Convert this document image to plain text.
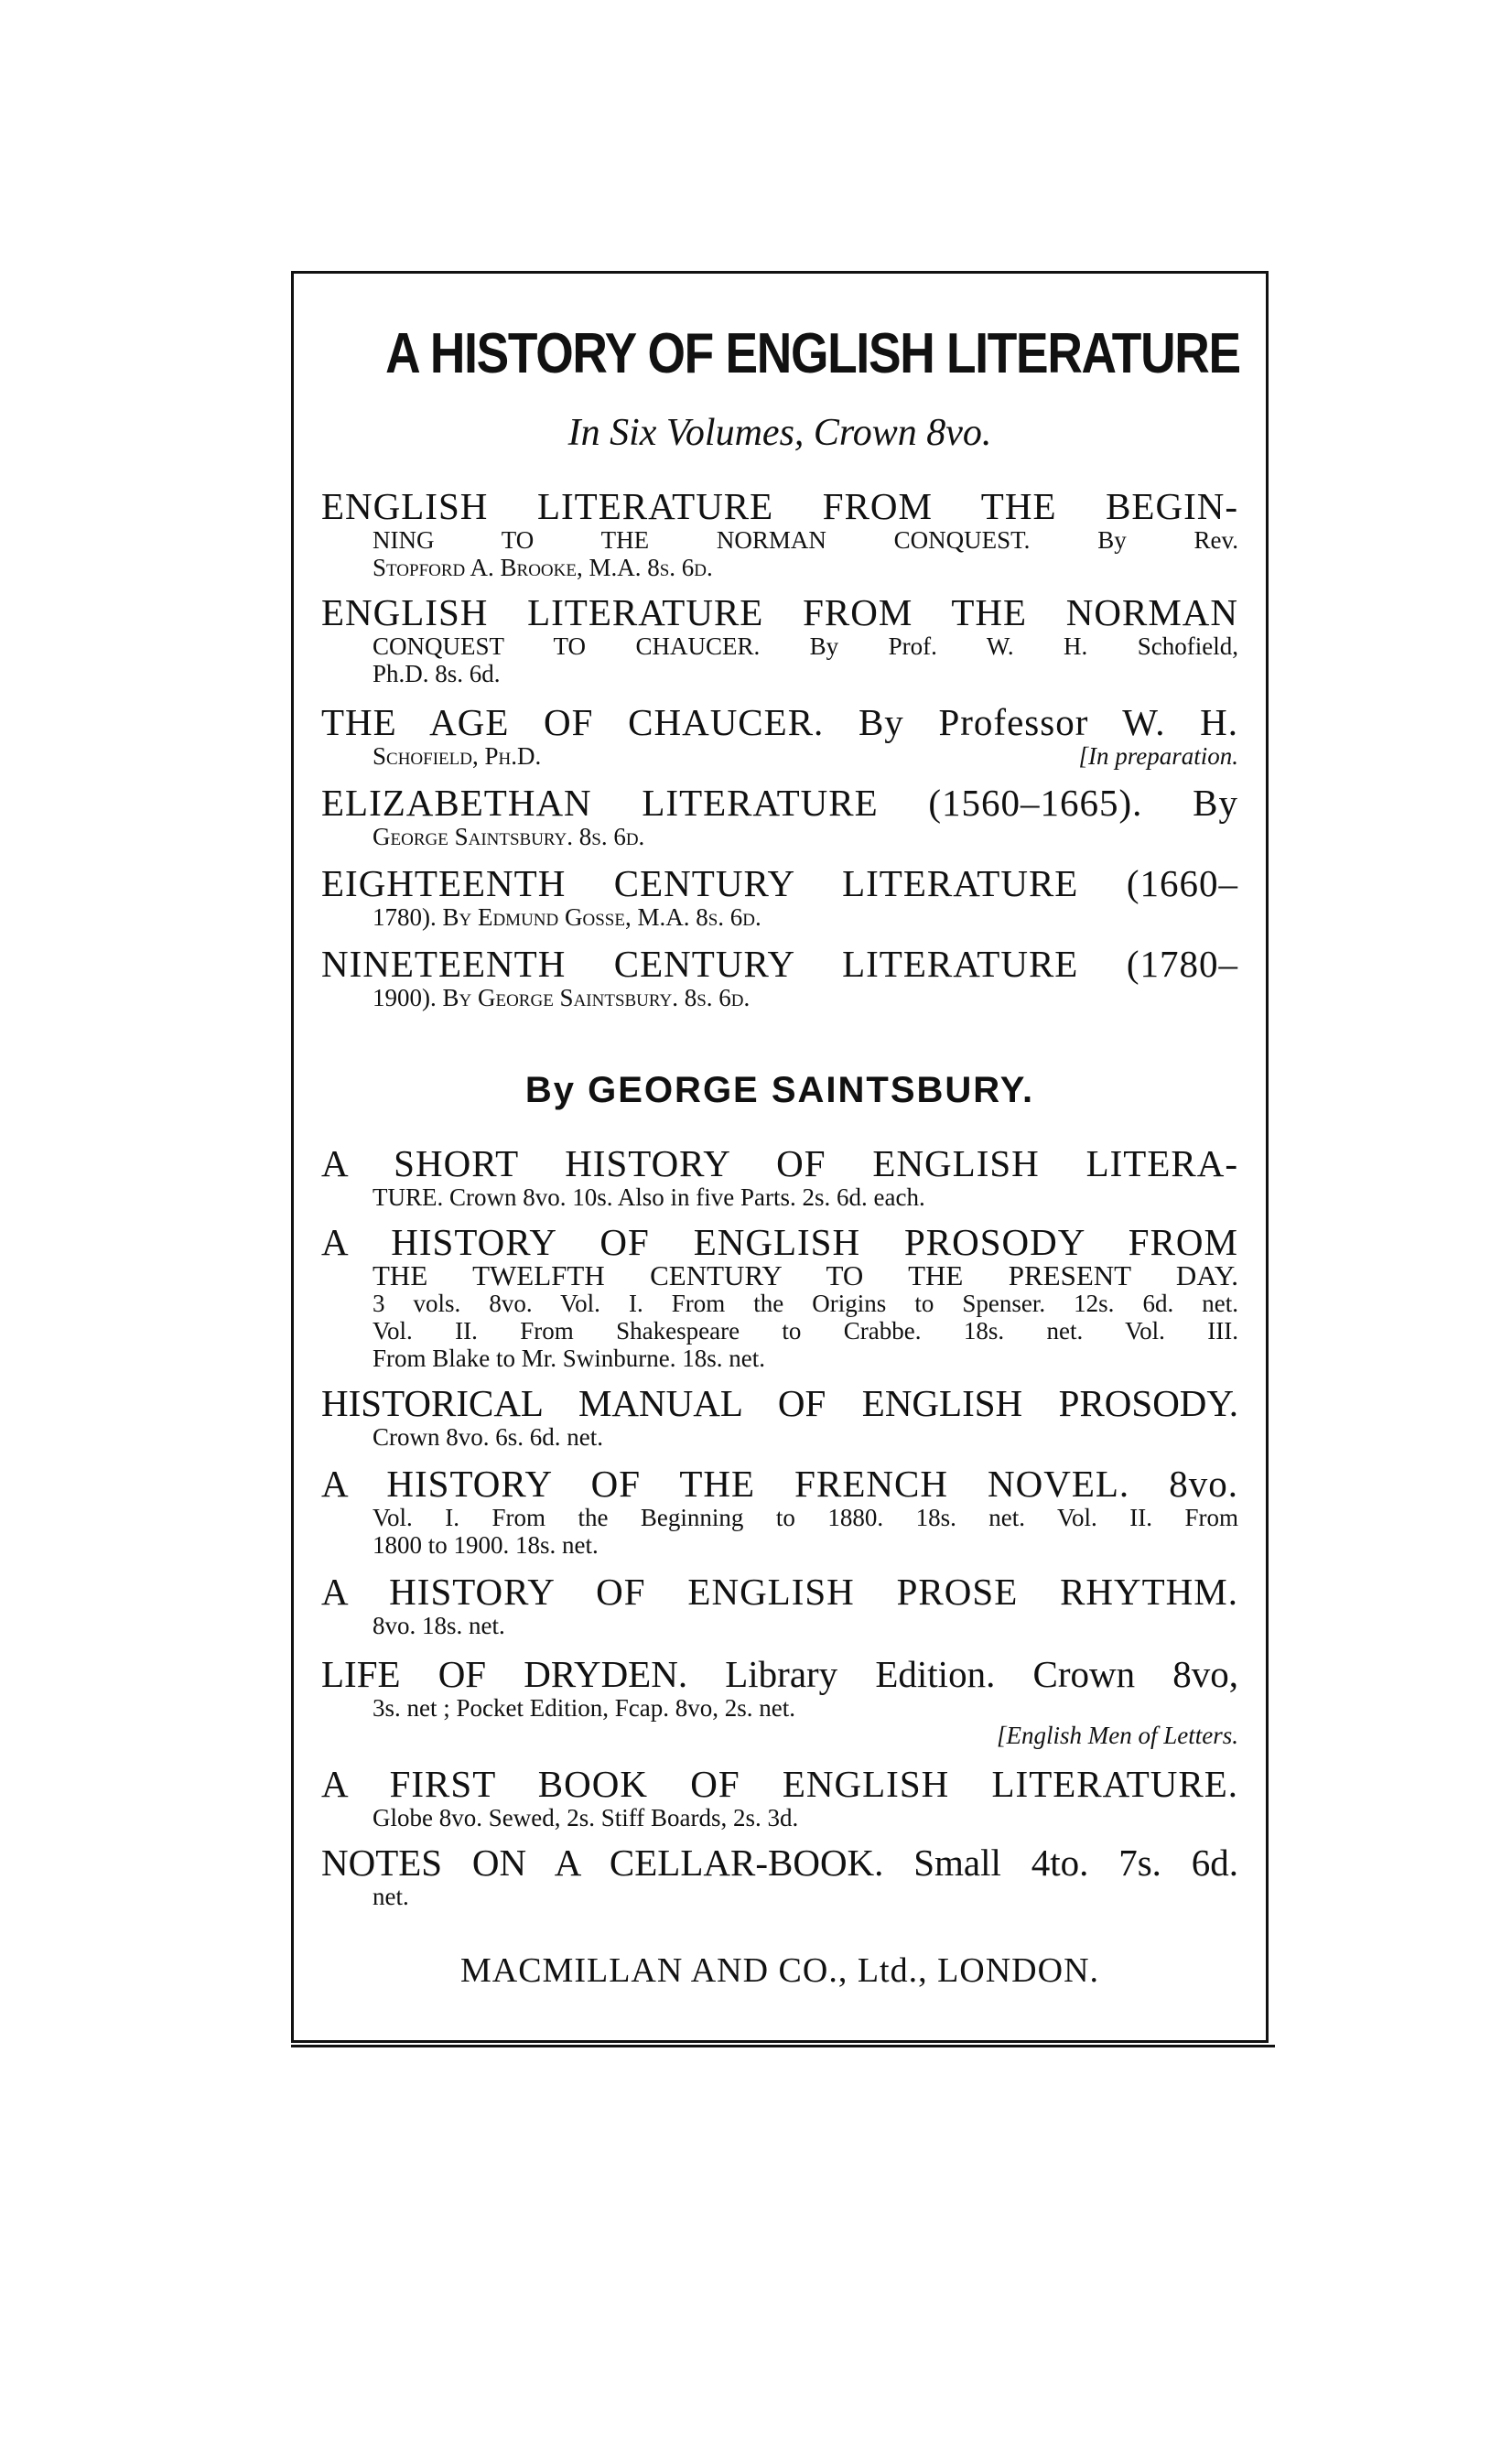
A HISTORY OF ENGLISH LITERATURE
In Six Volumes, Crown 8vo.
ENGLISH LITERATURE FROM THE BEGIN-
NING TO THE NORMAN CONQUEST. By Rev.
Stopford A. Brooke, M.A. 8s. 6d.
ENGLISH LITERATURE FROM THE NORMAN
CONQUEST TO CHAUCER. By Prof. W. H. Schofield,
Ph.D. 8s. 6d.
THE AGE OF CHAUCER. By Professor W. H.
Schofield, Ph.D.	[In preparation.
ELIZABETHAN LITERATURE (1560–1665). By
George Saintsbury. 8s. 6d.
EIGHTEENTH CENTURY LITERATURE (1660–
1780). By Edmund Gosse, M.A. 8s. 6d.
NINETEENTH CENTURY LITERATURE (1780–
1900). By George Saintsbury. 8s. 6d.
By GEORGE SAINTSBURY.
A SHORT HISTORY OF ENGLISH LITERA-
TURE. Crown 8vo. 10s. Also in five Parts. 2s. 6d. each.
A HISTORY OF ENGLISH PROSODY FROM
THE TWELFTH CENTURY TO THE PRESENT DAY.
3 vols. 8vo. Vol. I. From the Origins to Spenser. 12s. 6d. net.
Vol. II. From Shakespeare to Crabbe. 18s. net. Vol. III.
From Blake to Mr. Swinburne. 18s. net.
HISTORICAL MANUAL OF ENGLISH PROSODY.
Crown 8vo. 6s. 6d. net.
A HISTORY OF THE FRENCH NOVEL. 8vo.
Vol. I. From the Beginning to 1880. 18s. net. Vol. II. From
1800 to 1900. 18s. net.
A HISTORY OF ENGLISH PROSE RHYTHM.
8vo. 18s. net.
LIFE OF DRYDEN. Library Edition. Crown 8vo,
3s. net ; Pocket Edition, Fcap. 8vo, 2s. net.
[English Men of Letters.
A FIRST BOOK OF ENGLISH LITERATURE.
Globe 8vo. Sewed, 2s. Stiff Boards, 2s. 3d.
NOTES ON A CELLAR-BOOK. Small 4to. 7s. 6d.
net.
MACMILLAN AND CO., Ltd., LONDON.
